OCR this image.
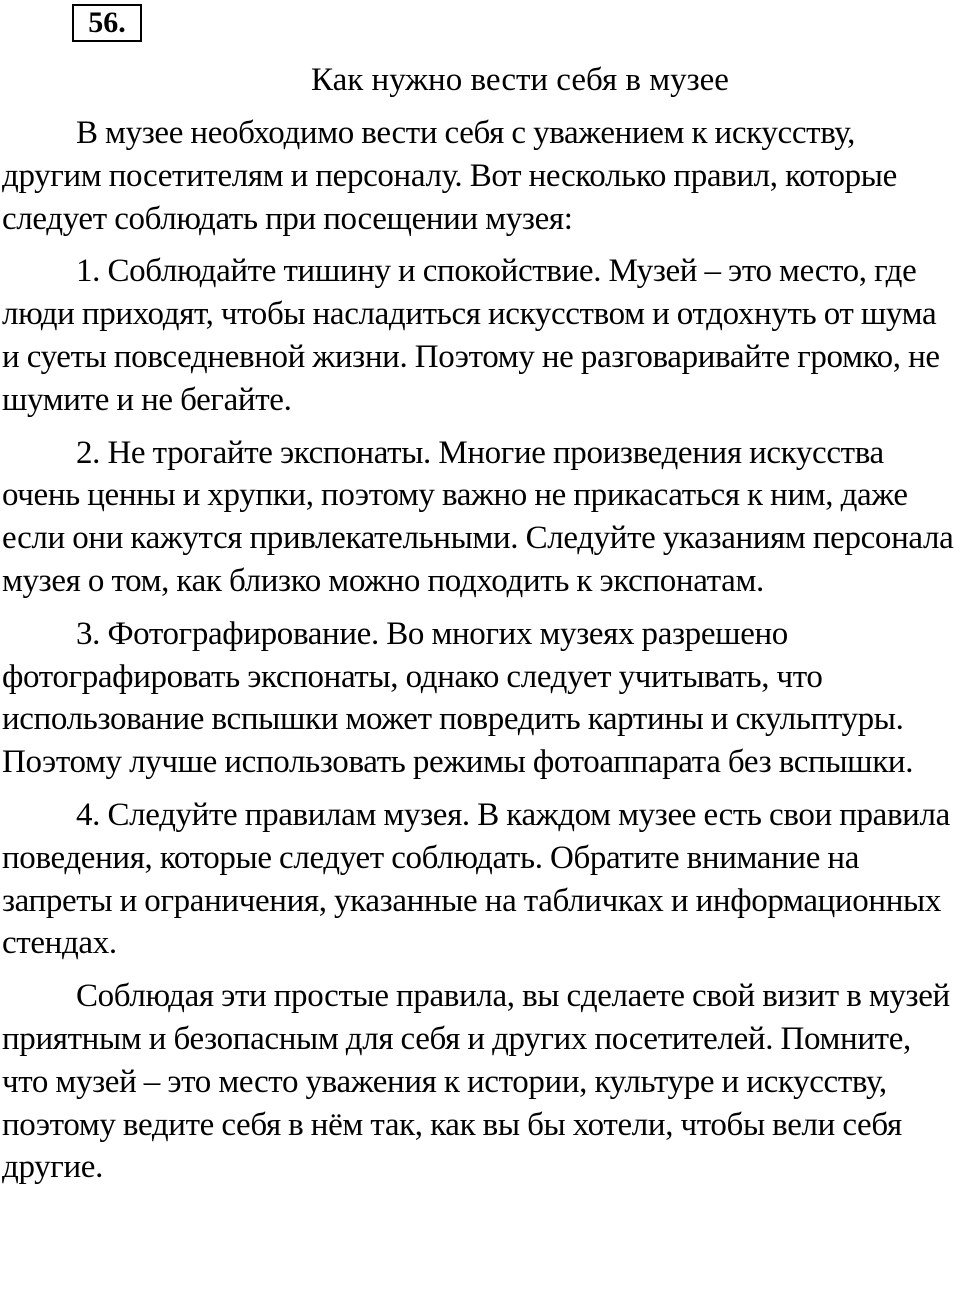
56.
Как нужно вести себя в музее

В музее необходимо вести себя с уважением к искусству, другим посетителям и персоналу. Вот несколько правил, которые следует соблюдать при посещении музея:

1. Соблюдайте тишину и спокойствие. Музей – это место, где люди приходят, чтобы насладиться искусством и отдохнуть от шума и суеты повседневной жизни. Поэтому не разговаривайте громко, не шумите и не бегайте.

2. Не трогайте экспонаты. Многие произведения искусства очень ценны и хрупки, поэтому важно не прикасаться к ним, даже если они кажутся привлекательными. Следуйте указаниям персонала музея о том, как близко можно подходить к экспонатам.

3. Фотографирование. Во многих музеях разрешено фотографировать экспонаты, однако следует учитывать, что использование вспышки может повредить картины и скульптуры. Поэтому лучше использовать режимы фотоаппарата без вспышки.

4. Следуйте правилам музея. В каждом музее есть свои правила поведения, которые следует соблюдать. Обратите внимание на запреты и ограничения, указанные на табличках и информационных стендах.

Соблюдая эти простые правила, вы сделаете свой визит в музей приятным и безопасным для себя и других посетителей. Помните, что музей – это место уважения к истории, культуре и искусству, поэтому ведите себя в нём так, как вы бы хотели, чтобы вели себя другие.
